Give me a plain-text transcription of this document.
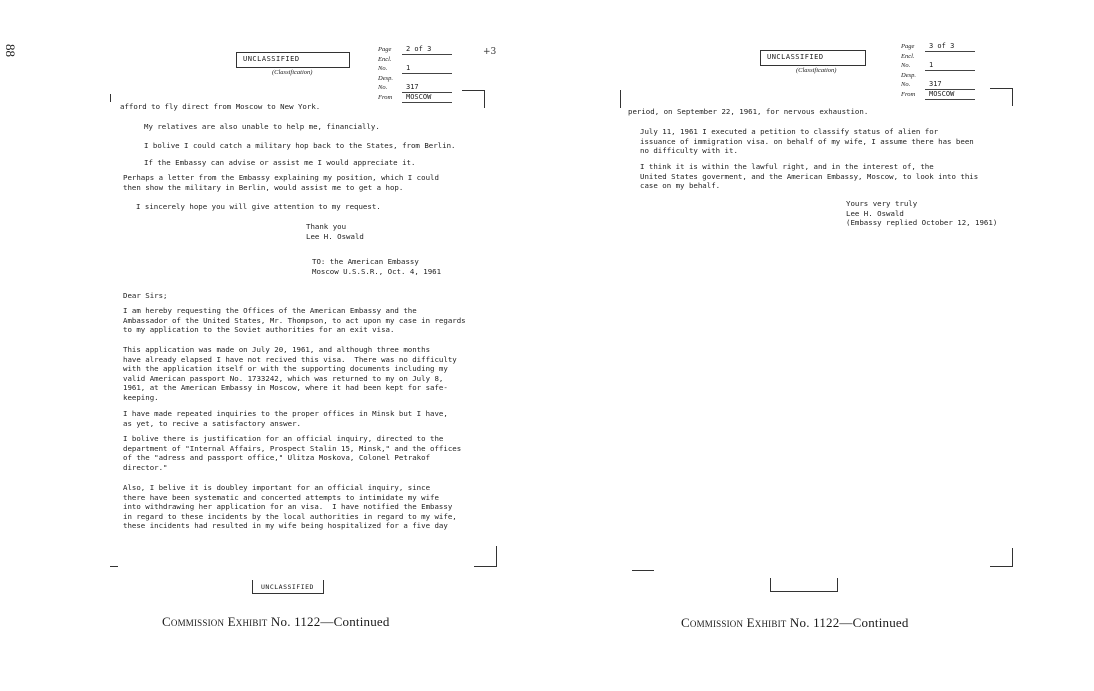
88
UNCLASSIFIED
(Classification)
Page 2 of 3
Encl. No.	1
Desp. No.	317
From MOSCOW
+3
afford to fly direct from Moscow to New York.
My relatives are also unable to help me, financially.
I bolive I could catch a military hop back to the States, from Berlin.
If the Embassy can advise or assist me I would appreciate it.
Perhaps a letter from the Embassy explaining my position, which I could
then show the military in Berlin, would assist me to get a hop.
I sincerely hope you will give attention to my request.
Thank you
Lee H. Oswald
TO: the American Embassy
Moscow U.S.S.R., Oct. 4, 1961
Dear Sirs;
I am hereby requesting the Offices of the American Embassy and the
Ambassador of the United States, Mr. Thompson, to act upon my case in regards
to my application to the Soviet authorities for an exit visa.
This application was made on July 20, 1961, and although three months
have already elapsed I have not recived this visa.  There was no difficulty
with the application itself or with the supporting documents including my
valid American passport No. 1733242, which was returned to my on July 8,
1961, at the American Embassy in Moscow, where it had been kept for safe-
keeping.
I have made repeated inquiries to the proper offices in Minsk but I have,
as yet, to recive a satisfactory answer.
I bolive there is justification for an official inquiry, directed to the
department of "Internal Affairs, Prospect Stalin 15, Minsk," and the offices
of the "adress and passport office," Ulitza Moskova, Colonel Petrakof
director."
Also, I belive it is doubley important for an official inquiry, since
there have been systematic and concerted attempts to intimidate my wife
into withdrawing her application for an visa.  I have notified the Embassy
in regard to these incidents by the local authorities in regard to my wife,
these incidents had resulted in my wife being hospitalized for a five day
UNCLASSIFIED
Commission Exhibit No. 1122—Continued
UNCLASSIFIED
(Classification)
Page 3 of 3
Encl. No.	1
Desp. No.	317
From MOSCOW
period, on September 22, 1961, for nervous exhaustion.
July 11, 1961 I executed a petition to classify status of alien for
issuance of immigration visa. on behalf of my wife, I assume there has been
no difficulty with it.
I think it is within the lawful right, and in the interest of, the
United States goverment, and the American Embassy, Moscow, to look into this
case on my behalf.
Yours very truly
Lee H. Oswald
(Embassy replied October 12, 1961)
Commission Exhibit No. 1122—Continued
